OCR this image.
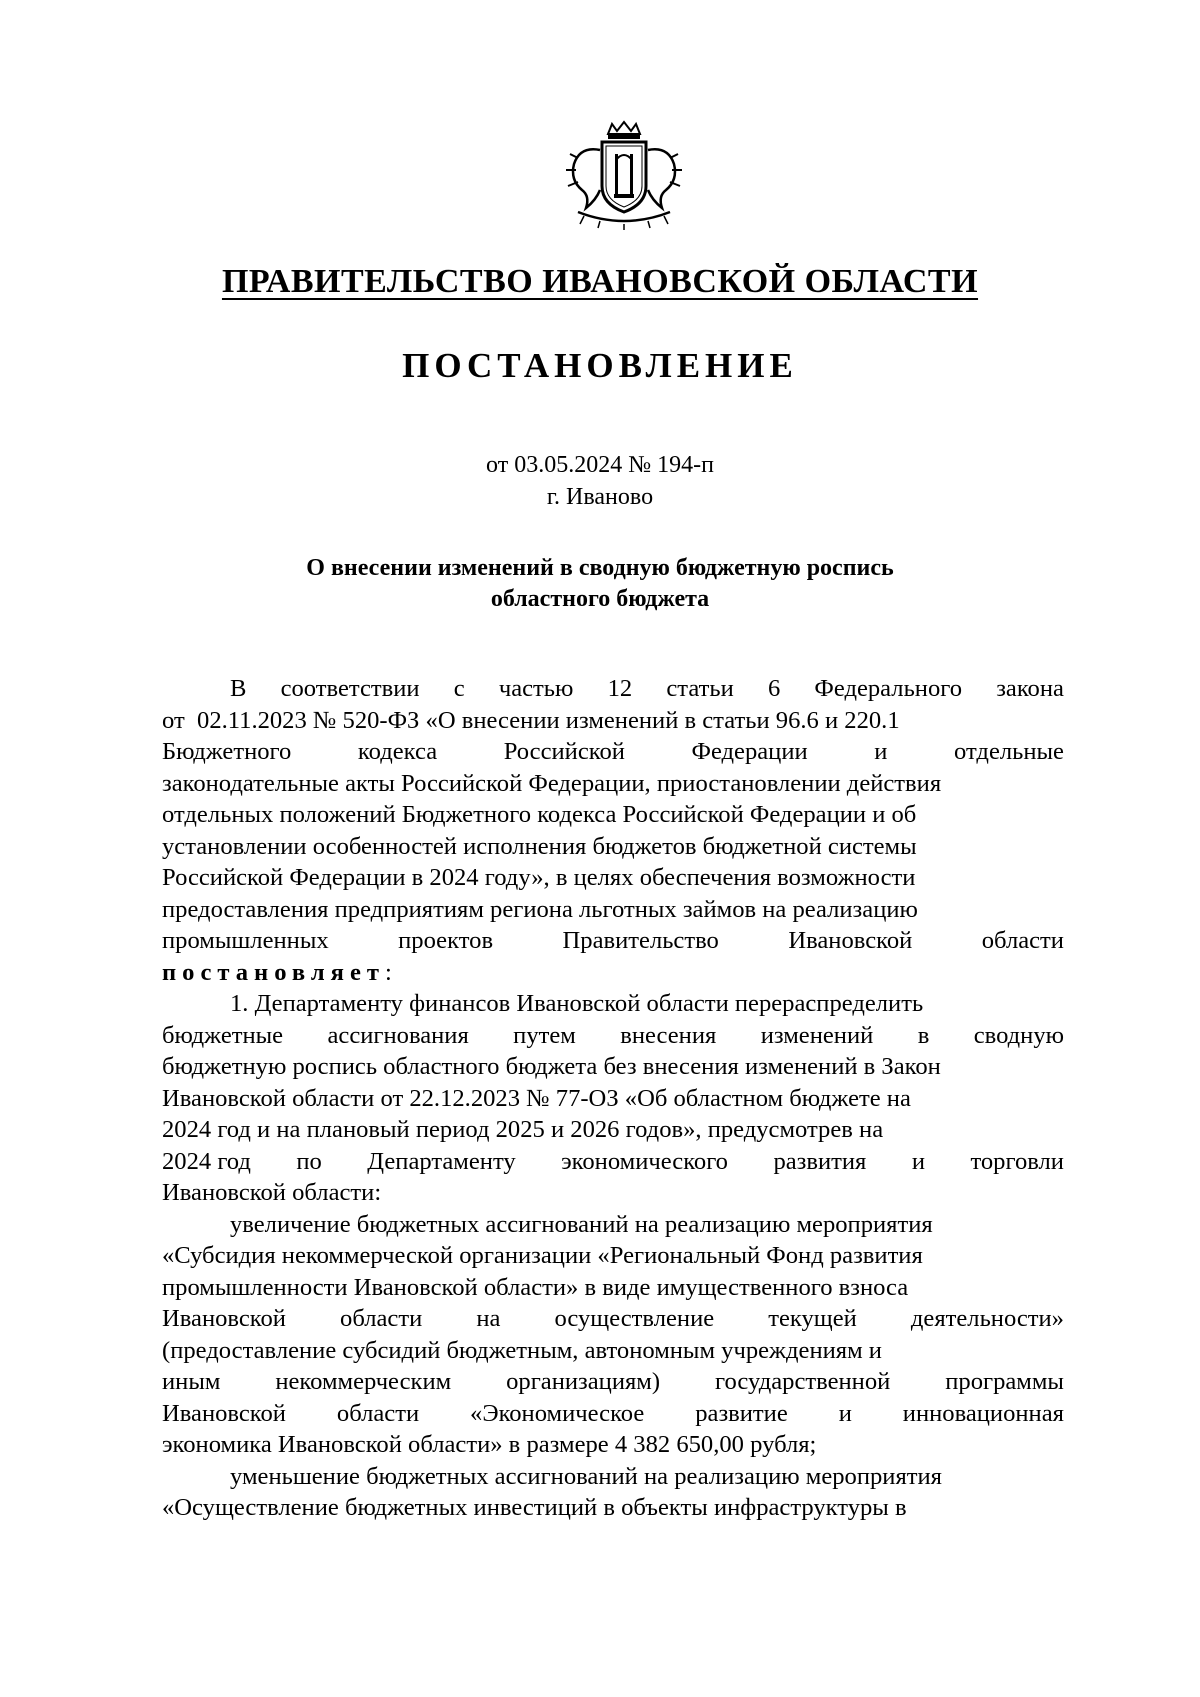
ПРАВИТЕЛЬСТВО ИВАНОВСКОЙ ОБЛАСТИ
ПОСТАНОВЛЕНИЕ
от 03.05.2024 № 194-п
г. Иваново
О внесении изменений в сводную бюджетную роспись
областного бюджета
В соответствии с частью 12 статьи 6 Федерального закона
от  02.11.2023 № 520-ФЗ «О внесении изменений в статьи 96.6 и 220.1
Бюджетного	кодекса	Российской	Федерации	и	отдельные
законодательные акты Российской Федерации, приостановлении действия
отдельных положений Бюджетного кодекса Российской Федерации и об
установлении особенностей исполнения бюджетов бюджетной системы
Российской Федерации в 2024 году», в целях обеспечения возможности
предоставления предприятиям региона льготных займов на реализацию
промышленных	проектов	Правительство	Ивановской	области
постановляет:
1. Департаменту финансов Ивановской области перераспределить
бюджетные ассигнования путем внесения изменений в сводную
бюджетную роспись областного бюджета без внесения изменений в Закон
Ивановской области от 22.12.2023 № 77-ОЗ «Об областном бюджете на
2024 год и на плановый период 2025 и 2026 годов», предусмотрев на
2024 год по Департаменту экономического развития и торговли
Ивановской области:
увеличение бюджетных ассигнований на реализацию мероприятия
«Субсидия некоммерческой организации «Региональный Фонд развития
промышленности Ивановской области» в виде имущественного взноса
Ивановской области на осуществление текущей деятельности»
(предоставление субсидий бюджетным, автономным учреждениям и
иным некоммерческим организациям) государственной программы
Ивановской области «Экономическое развитие и инновационная
экономика Ивановской области» в размере 4 382 650,00 рубля;
уменьшение бюджетных ассигнований на реализацию мероприятия
«Осуществление бюджетных инвестиций в объекты инфраструктуры в
